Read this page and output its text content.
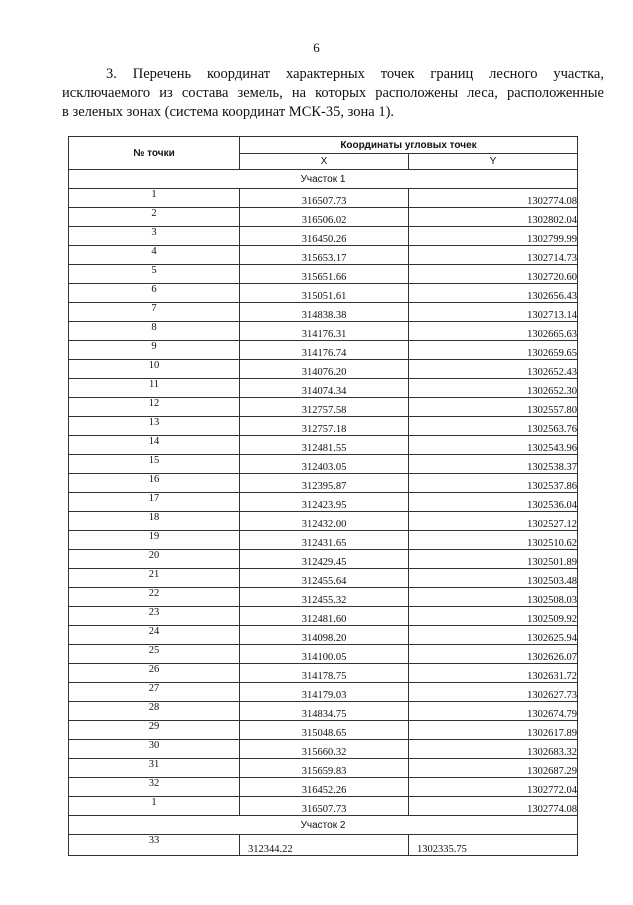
6
3. Перечень координат характерных точек границ лесного участка,
исключаемого из состава земель, на которых расположены леса, расположенные
в зеленых зонах (система координат МСК-35, зона 1).
№ точки	Координаты угловых точек	
	X	Y
Участок 1		
1	316507.73	1302774.08
2	316506.02	1302802.04
3	316450.26	1302799.99
4	315653.17	1302714.73
5	315651.66	1302720.60
6	315051.61	1302656.43
7	314838.38	1302713.14
8	314176.31	1302665.63
9	314176.74	1302659.65
10	314076.20	1302652.43
11	314074.34	1302652.30
12	312757.58	1302557.80
13	312757.18	1302563.76
14	312481.55	1302543.96
15	312403.05	1302538.37
16	312395.87	1302537.86
17	312423.95	1302536.04
18	312432.00	1302527.12
19	312431.65	1302510.62
20	312429.45	1302501.89
21	312455.64	1302503.48
22	312455.32	1302508.03
23	312481.60	1302509.92
24	314098.20	1302625.94
25	314100.05	1302626.07
26	314178.75	1302631.72
27	314179.03	1302627.73
28	314834.75	1302674.79
29	315048.65	1302617.89
30	315660.32	1302683.32
31	315659.83	1302687.29
32	316452.26	1302772.04
1	316507.73	1302774.08
Участок 2		
33	312344.22	1302335.75
